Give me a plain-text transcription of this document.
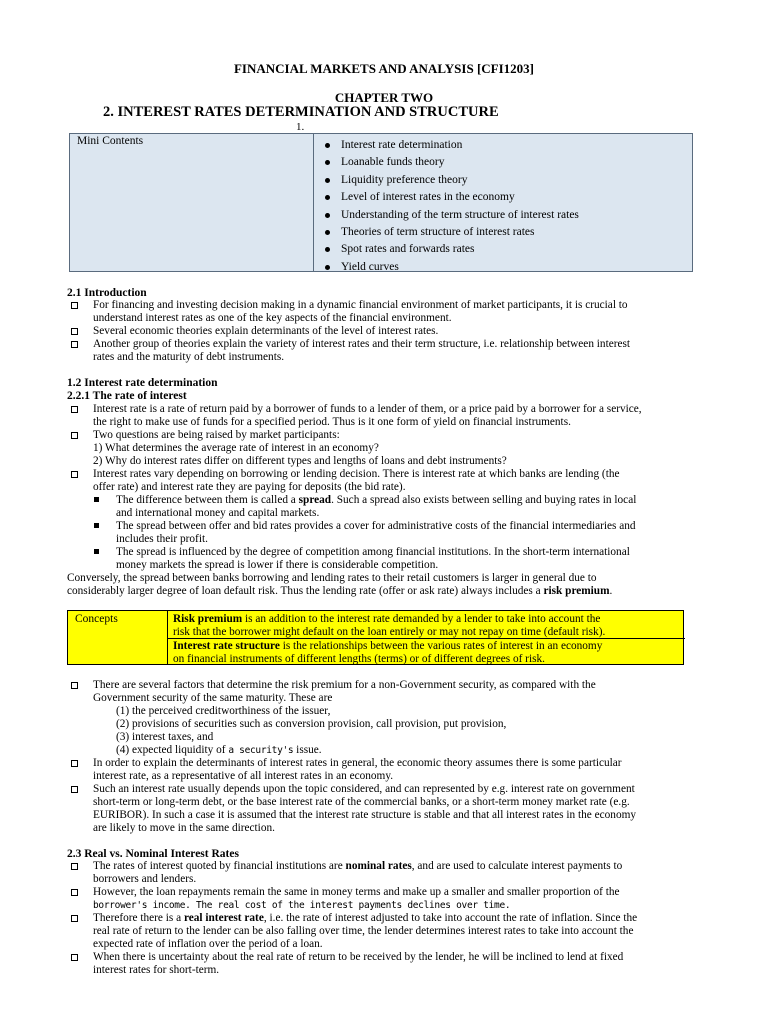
FINANCIAL MARKETS AND ANALYSIS [CFI1203]
CHAPTER TWO
2. INTEREST RATES DETERMINATION AND STRUCTURE
1.
Mini Contents	Interest rate determination
Loanable funds theory
Liquidity preference theory
Level of interest rates in the economy
Understanding of the term structure of interest rates
Theories of term structure of interest rates
Spot rates and forwards rates
Yield curves
2.1 Introduction
For financing and investing decision making in a dynamic financial environment of market participants, it is crucial to
understand interest rates as one of the key aspects of the financial environment.
Several economic theories explain determinants of the level of interest rates.
Another group of theories explain the variety of interest rates and their term structure, i.e. relationship between interest
rates and the maturity of debt instruments.
1.2 Interest rate determination
2.2.1 The rate of interest
Interest rate is a rate of return paid by a borrower of funds to a lender of them, or a price paid by a borrower for a service,
the right to make use of funds for a specified period. Thus is it one form of yield on financial instruments.
Two questions are being raised by market participants:
1) What determines the average rate of interest in an economy?
2) Why do interest rates differ on different types and lengths of loans and debt instruments?
Interest rates vary depending on borrowing or lending decision. There is interest rate at which banks are lending (the
offer rate) and interest rate they are paying for deposits (the bid rate).
The difference between them is called a spread. Such a spread also exists between selling and buying rates in local
and international money and capital markets.
The spread between offer and bid rates provides a cover for administrative costs of the financial intermediaries and
includes their profit.
The spread is influenced by the degree of competition among financial institutions. In the short-term international
money markets the spread is lower if there is considerable competition.
Conversely, the spread between banks borrowing and lending rates to their retail customers is larger in general due to
considerably larger degree of loan default risk. Thus the lending rate (offer or ask rate) always includes a risk premium.
Concepts	Risk premium is an addition to the interest rate demanded by a lender to take into account the
risk that the borrower might default on the loan entirely or may not repay on time (default risk).
Interest rate structure is the relationships between the various rates of interest in an economy
on financial instruments of different lengths (terms) or of different degrees of risk.
There are several factors that determine the risk premium for a non-Government security, as compared with the
Government security of the same maturity. These are
(1) the perceived creditworthiness of the issuer,
(2) provisions of securities such as conversion provision, call provision, put provision,
(3) interest taxes, and
(4) expected liquidity of a security's issue.
In order to explain the determinants of interest rates in general, the economic theory assumes there is some particular
interest rate, as a representative of all interest rates in an economy.
Such an interest rate usually depends upon the topic considered, and can represented by e.g. interest rate on government
short-term or long-term debt, or the base interest rate of the commercial banks, or a short-term money market rate (e.g.
EURIBOR). In such a case it is assumed that the interest rate structure is stable and that all interest rates in the economy
are likely to move in the same direction.
2.3 Real vs. Nominal Interest Rates
The rates of interest quoted by financial institutions are nominal rates, and are used to calculate interest payments to
borrowers and lenders.
However, the loan repayments remain the same in money terms and make up a smaller and smaller proportion of the
borrower's income. The real cost of the interest payments declines over time.
Therefore there is a real interest rate, i.e. the rate of interest adjusted to take into account the rate of inflation. Since the
real rate of return to the lender can be also falling over time, the lender determines interest rates to take into account the
expected rate of inflation over the period of a loan.
When there is uncertainty about the real rate of return to be received by the lender, he will be inclined to lend at fixed
interest rates for short-term.
